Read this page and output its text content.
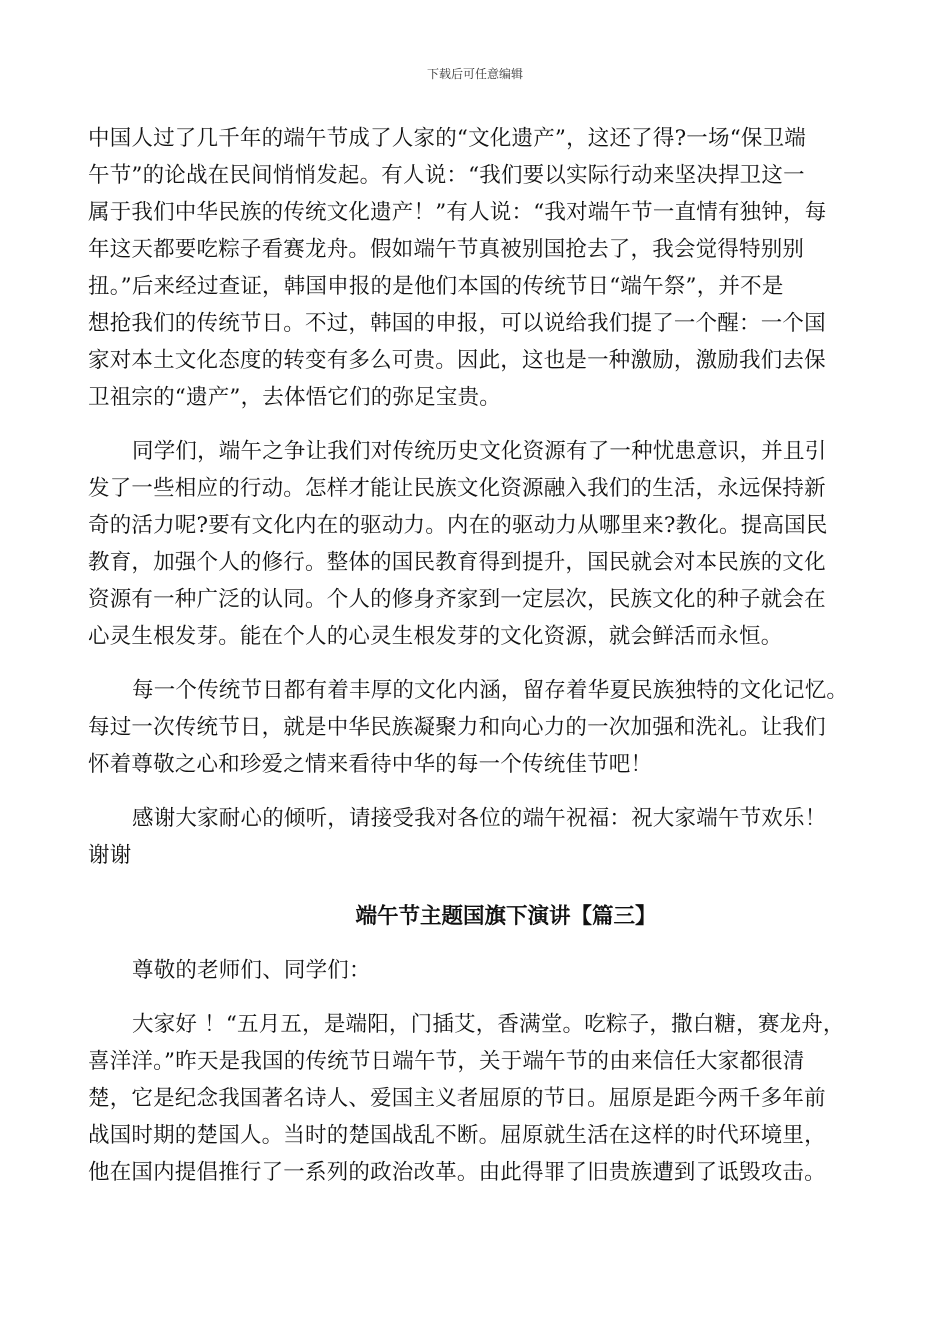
下载后可任意编辑

中国人过了几千年的端午节成了人家的“文化遗产”，这还了得?一场“保卫端
午节”的论战在民间悄悄发起。有人说：“我们要以实际行动来坚决捍卫这一
属于我们中华民族的传统文化遗产！”有人说：“我对端午节一直情有独钟，每
年这天都要吃粽子看赛龙舟。假如端午节真被别国抢去了，我会觉得特别别
扭。”后来经过查证，韩国申报的是他们本国的传统节日“端午祭”，并不是
想抢我们的传统节日。不过，韩国的申报，可以说给我们提了一个醒：一个国
家对本土文化态度的转变有多么可贵。因此，这也是一种激励，激励我们去保
卫祖宗的“遗产”，去体悟它们的弥足宝贵。

同学们，端午之争让我们对传统历史文化资源有了一种忧患意识，并且引
发了一些相应的行动。怎样才能让民族文化资源融入我们的生活，永远保持新
奇的活力呢?要有文化内在的驱动力。内在的驱动力从哪里来?教化。提高国民
教育，加强个人的修行。整体的国民教育得到提升，国民就会对本民族的文化
资源有一种广泛的认同。个人的修身齐家到一定层次，民族文化的种子就会在
心灵生根发芽。能在个人的心灵生根发芽的文化资源，就会鲜活而永恒。

每一个传统节日都有着丰厚的文化内涵，留存着华夏民族独特的文化记忆。
每过一次传统节日，就是中华民族凝聚力和向心力的一次加强和洗礼。让我们
怀着尊敬之心和珍爱之情来看待中华的每一个传统佳节吧！

感谢大家耐心的倾听，请接受我对各位的端午祝福：祝大家端午节欢乐！
谢谢

端午节主题国旗下演讲【篇三】

尊敬的老师们、同学们：

大家好 ！“五月五，是端阳，门插艾，香满堂。吃粽子，撒白糖，赛龙舟，
喜洋洋。”昨天是我国的传统节日端午节，关于端午节的由来信任大家都很清
楚，它是纪念我国著名诗人、爱国主义者屈原的节日。屈原是距今两千多年前
战国时期的楚国人。当时的楚国战乱不断。屈原就生活在这样的时代环境里，
他在国内提倡推行了一系列的政治改革。由此得罪了旧贵族遭到了诋毁攻击。
